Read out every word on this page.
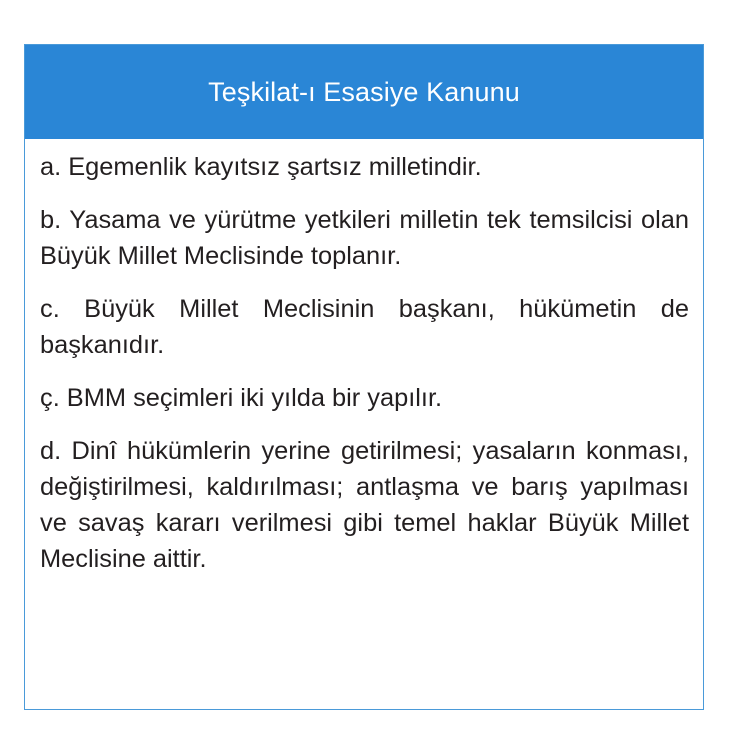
Teşkilat-ı Esasiye Kanunu

a. Egemenlik kayıtsız şartsız milletindir.

b. Yasama ve yürütme yetkileri milletin tek temsilcisi olan Büyük Millet Meclisinde toplanır.

c. Büyük Millet Meclisinin başkanı, hükümetin de başkanıdır.

ç. BMM seçimleri iki yılda bir yapılır.

d. Dinî hükümlerin yerine getirilmesi; yasaların konması, değiştirilmesi, kaldırılması; antlaşma ve barış yapılması ve savaş kararı verilmesi gibi temel haklar Büyük Millet Meclisine aittir.
